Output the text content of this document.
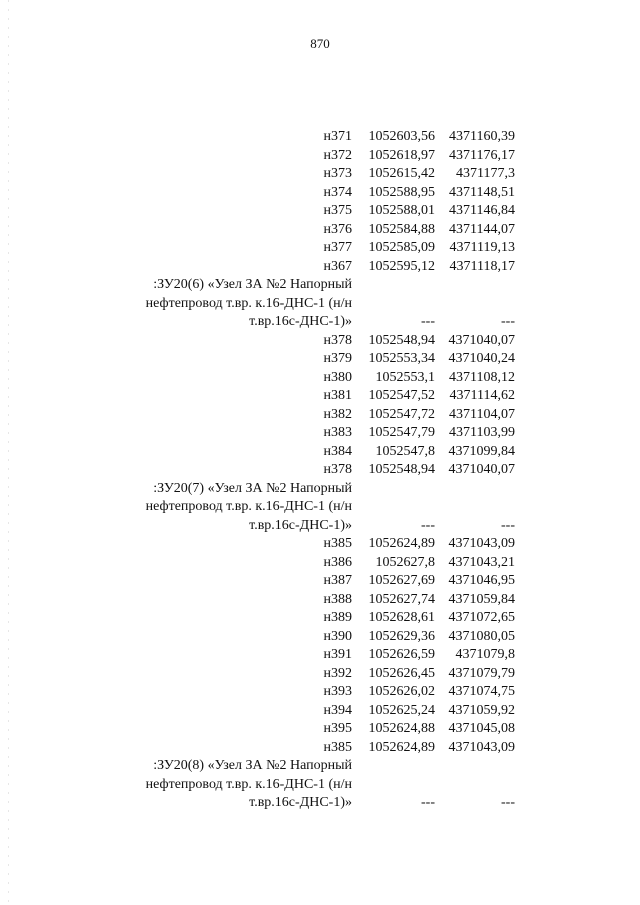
870
н371	1052603,56	4371160,39
н372	1052618,97	4371176,17
н373	1052615,42	4371177,3
н374	1052588,95	4371148,51
н375	1052588,01	4371146,84
н376	1052584,88	4371144,07
н377	1052585,09	4371119,13
н367	1052595,12	4371118,17
:ЗУ20(6) «Узел ЗА №2 Напорный
нефтепровод т.вр. к.16-ДНС-1 (н/н
т.вр.16с-ДНС-1)»	---	---
н378	1052548,94 4371040,07
н379	1052553,34 4371040,24
н380	1052553,1	4371108,12
н381	1052547,52	4371114,62
н382	1052547,72	4371104,07
н383	1052547,79	4371103,99
н384	1052547,8 4371099,84
н378	1052548,94 4371040,07
:ЗУ20(7) «Узел ЗА №2 Напорный
нефтепровод т.вр. к.16-ДНС-1 (н/н
т.вр.16с-ДНС-1)»	---	---
н385	1052624,89 4371043,09
н386	1052627,8 4371043,21
н387	1052627,69 4371046,95
н388	1052627,74 4371059,84
н389	1052628,61 4371072,65
н390	1052629,36 4371080,05
н391	1052626,59	4371079,8
н392	1052626,45 4371079,79
н393	1052626,02 4371074,75
н394	1052625,24 4371059,92
н395	1052624,88 4371045,08
н385	1052624,89 4371043,09
:ЗУ20(8) «Узел ЗА №2 Напорный
нефтепровод т.вр. к.16-ДНС-1 (н/н
т.вр.16с-ДНС-1)»	---	---
